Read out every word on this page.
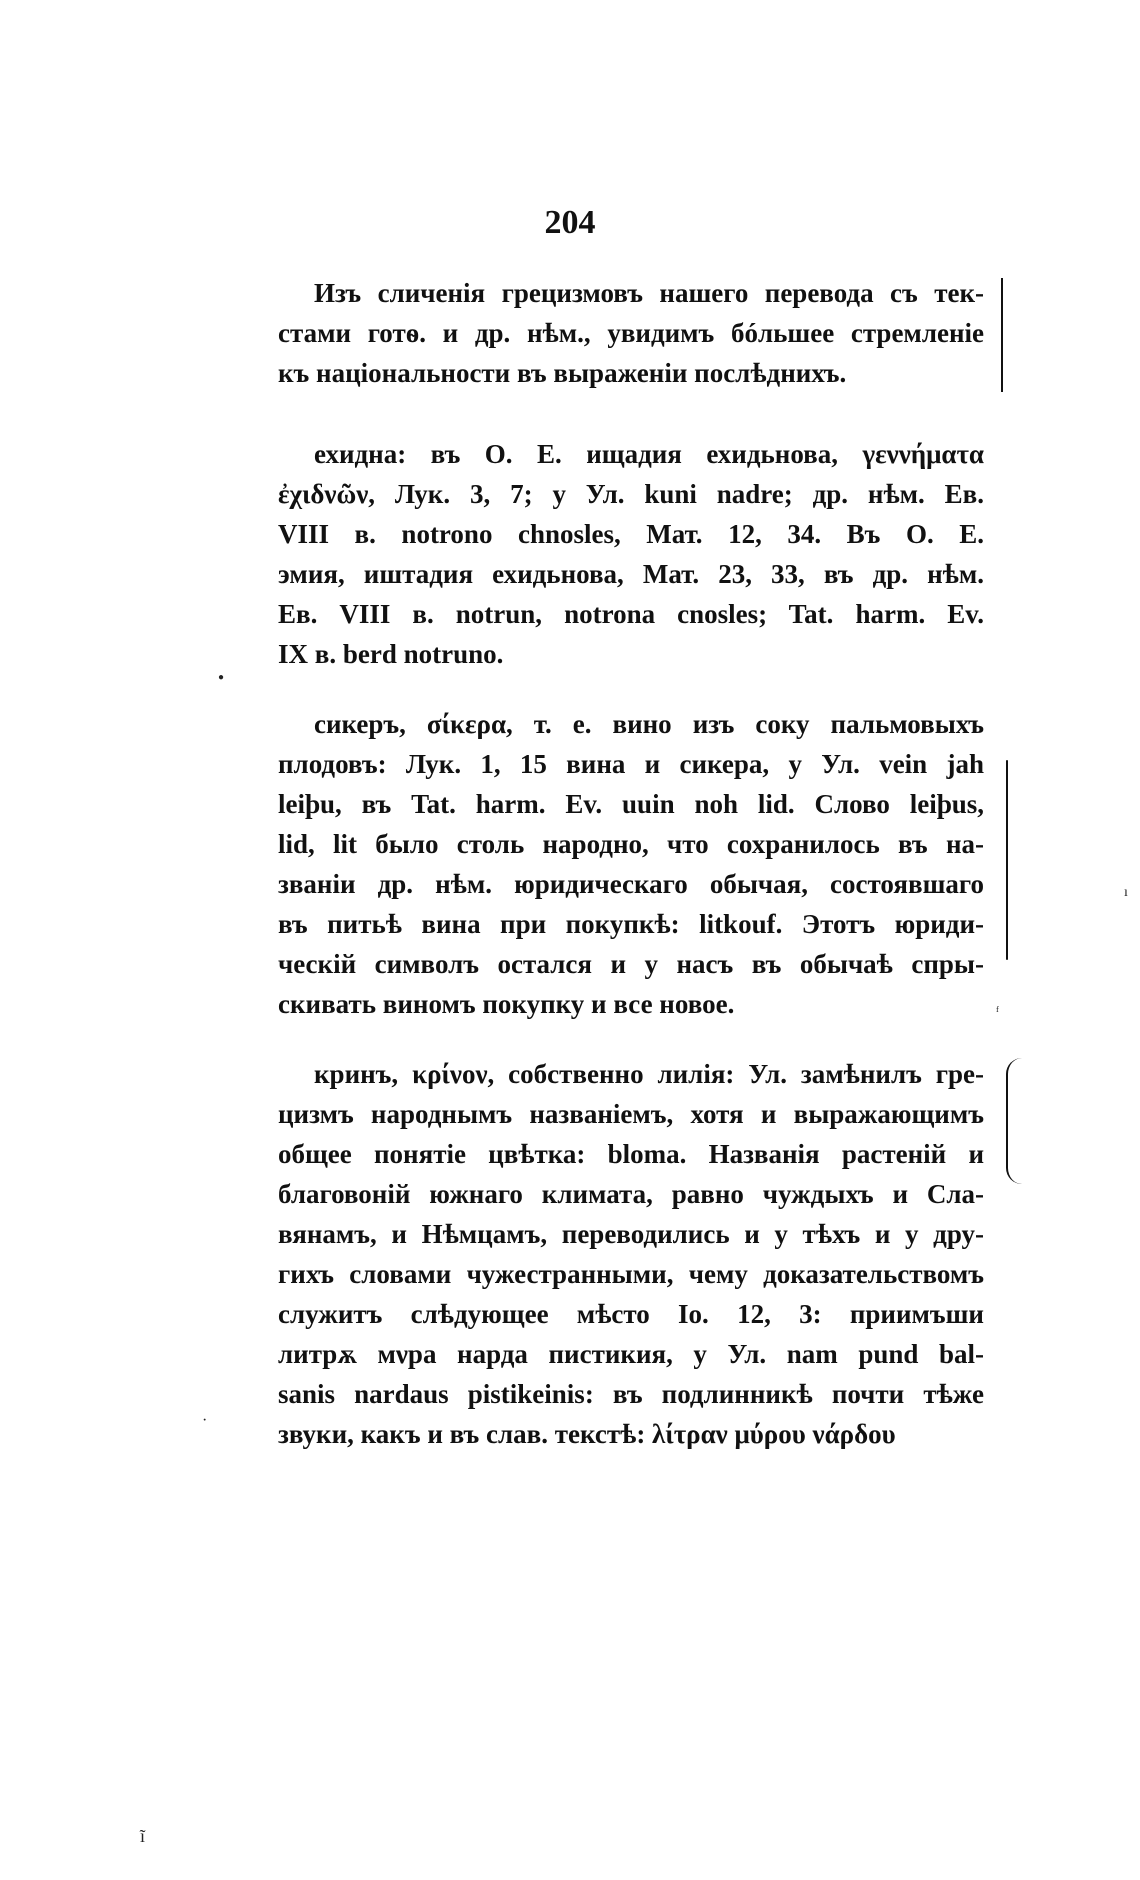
204
Изъ сличенія грецизмовъ нашего перевода съ тек-
стами готѳ. и др. нѣм., увидимъ бóльшее стремленіе
къ національности въ выраженіи послѣднихъ.
ехидна: въ О. Е. ищадия ехидьнова, γεννήματα
ἐχιδνῶν, Лук. 3, 7; у Ул. kuni nadre; др. нѣм. Ев.
VIII в. notrono chnosles, Мат. 12, 34. Въ О. Е.
эмия, иштадия ехидьнова, Мат. 23, 33, въ др. нѣм.
Ев. VIII в. notrun, notrona cnosles; Tat. harm. Ev.
IX в. berd notruno.
сикеръ, σίκερα, т. е. вино изъ соку пальмовыхъ
плодовъ: Лук. 1, 15 вина и сикера, у Ул. vein jah
leiþu, въ Tat. harm. Ev. uuin noh lid. Слово leiþus,
lid, lit было столь народно, что сохранилось въ на-
званіи др. нѣм. юридическаго обычая, состоявшаго
въ питьѣ вина при покупкѣ: litkouf. Этотъ юриди-
ческій символъ остался и у насъ въ обычаѣ спры-
скивать виномъ покупку и все новое.
кринъ, κρίνον, собственно лилія: Ул. замѣнилъ гре-
цизмъ народнымъ названіемъ, хотя и выражающимъ
общее понятіе цвѣтка: bloma. Названія растеній и
благовоній южнаго климата, равно чуждыхъ и Сла-
вянамъ, и Нѣмцамъ, переводились и у тѣхъ и у дру-
гихъ словами чужестранными, чему доказательствомъ
служитъ слѣдующее мѣсто Іо. 12, 3: приимъши
литрѫ мνра нарда пистикия, у Ул. nam pund bal-
sanis nardaus pistikeinis: въ подлинникѣ почти тѣже
звуки, какъ и въ слав. текстѣ: λίτραν μύρου νάρδου
●
ᶠ
ı
·
ĩ
